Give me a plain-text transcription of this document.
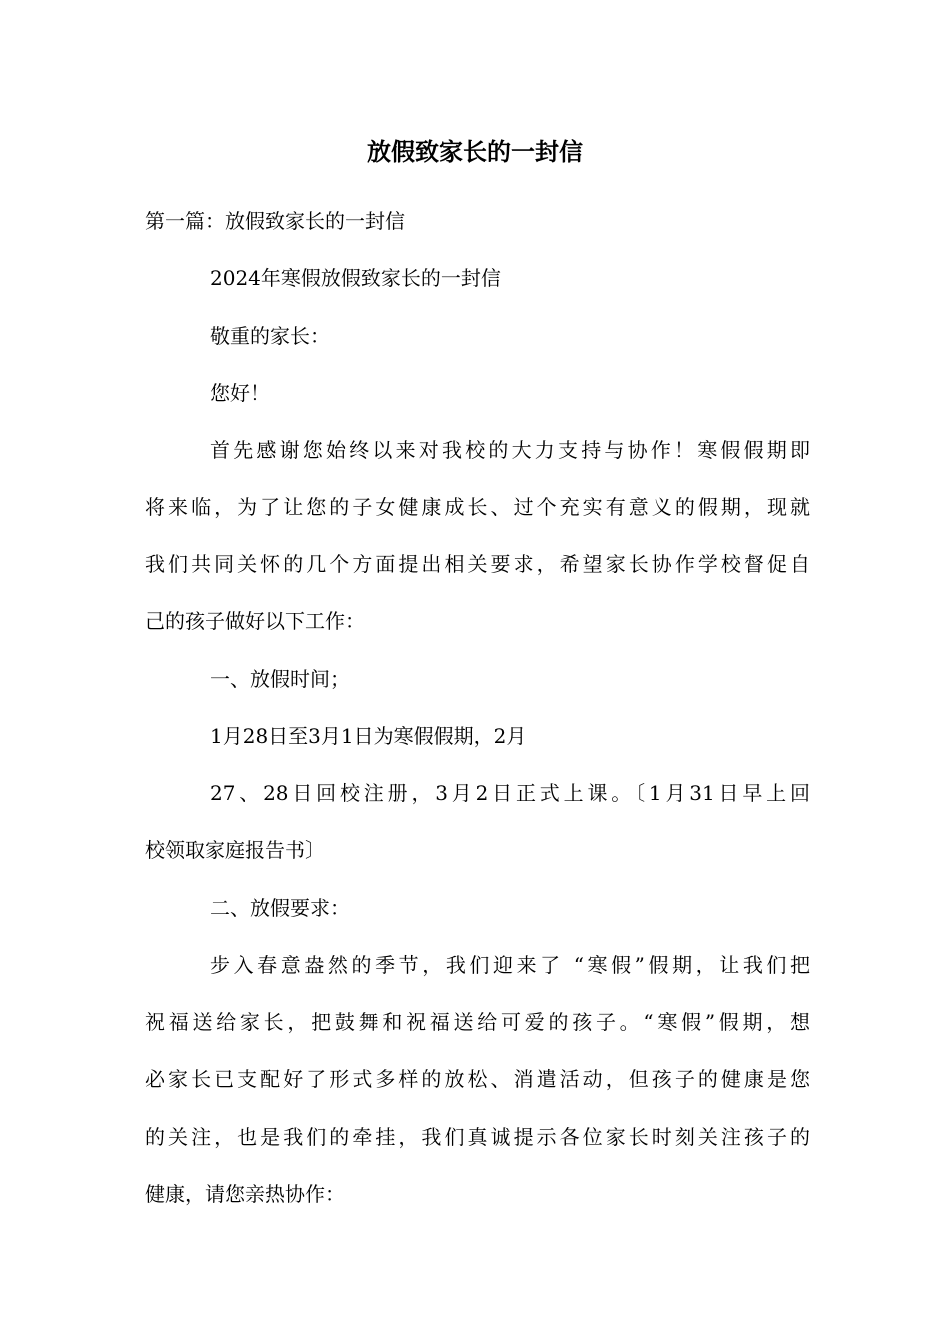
放假致家长的一封信
第一篇：放假致家长的一封信
2024年寒假放假致家长的一封信
敬重的家长：
您好！
首先感谢您始终以来对我校的大力支持与协作！寒假假期即
将来临，为了让您的子女健康成长、过个充实有意义的假期，现就
我们共同关怀的几个方面提出相关要求，希望家长协作学校督促自
己的孩子做好以下工作：
一、放假时间；
1月28日至3月1日为寒假假期，2月
27、28日回校注册，3月2日正式上课。〔1月31日早上回
校领取家庭报告书〕
二、放假要求：
步入春意盎然的季节，我们迎来了 “寒假”假期，让我们把
祝福送给家长，把鼓舞和祝福送给可爱的孩子。“寒假”假期，想
必家长已支配好了形式多样的放松、消遣活动，但孩子的健康是您
的关注，也是我们的牵挂，我们真诚提示各位家长时刻关注孩子的
健康，请您亲热协作：
